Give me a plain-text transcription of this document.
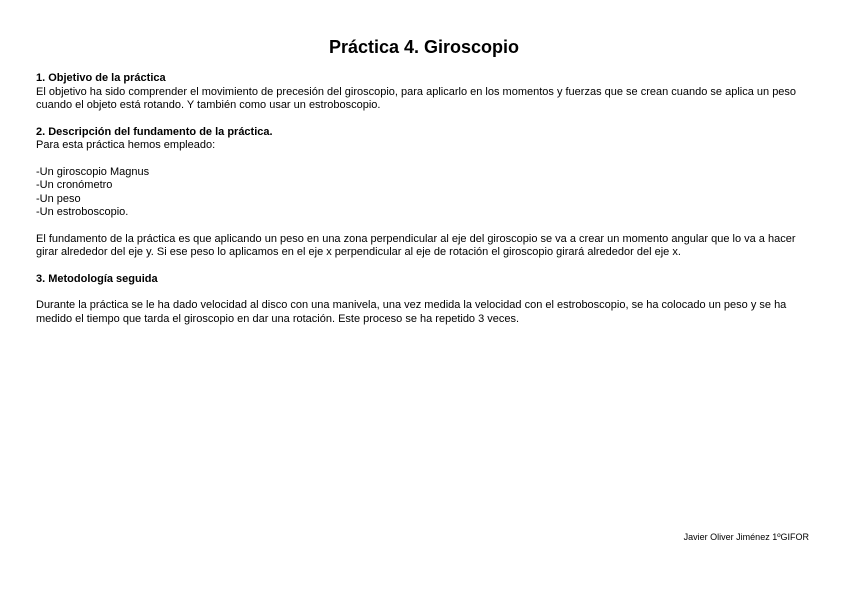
Práctica 4. Giroscopio

1. Objetivo de la práctica

El objetivo ha sido comprender el movimiento de precesión del giroscopio, para aplicarlo en los momentos y fuerzas que se crean cuando se aplica un peso cuando el objeto está rotando. Y también como usar un estroboscopio.

2. Descripción del fundamento de la práctica.

Para esta práctica hemos empleado:

-Un giroscopio Magnus

-Un cronómetro

-Un peso

-Un estroboscopio.

El fundamento de la práctica es que aplicando un peso en una zona perpendicular al eje del giroscopio se va a crear un momento angular que lo va a hacer girar alrededor del eje y. Si ese peso lo aplicamos en el eje x perpendicular al eje de rotación el giroscopio girará alrededor del eje x.

3. Metodología seguida

Durante la práctica se le ha dado velocidad al disco con una manivela, una vez medida la velocidad con el estroboscopio, se ha colocado un peso y se ha medido el tiempo que tarda el giroscopio en dar una rotación. Este proceso se ha repetido 3 veces.

Javier Oliver Jiménez 1ºGIFOR
